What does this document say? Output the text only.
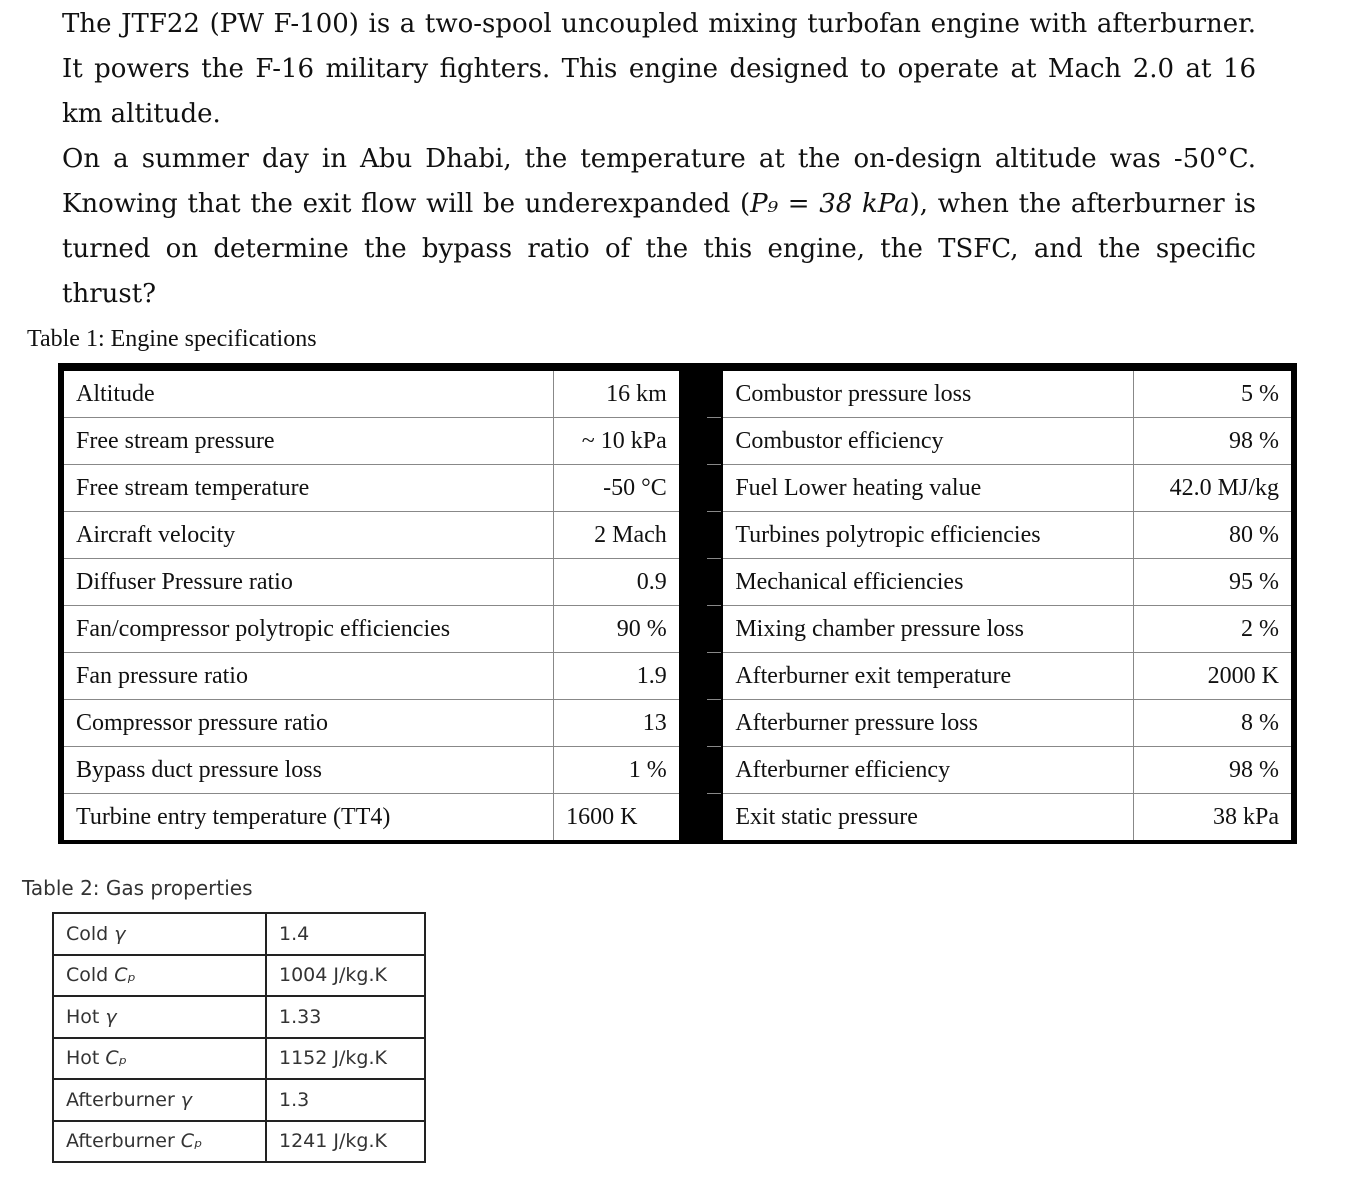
The JTF22 (PW F-100) is a two-spool uncoupled mixing turbofan engine with afterburner. It powers the F-16 military fighters. This engine designed to operate at Mach 2.0 at 16 km altitude.

On a summer day in Abu Dhabi, the temperature at the on-design altitude was -50°C. Knowing that the exit flow will be underexpanded (P₉ = 38 kPa), when the afterburner is turned on determine the bypass ratio of the this engine, the TSFC, and the specific thrust?

Table 1: Engine specifications
Altitude	16 km		Combustor pressure loss	5 %
Free stream pressure	~ 10 kPa		Combustor efficiency	98 %
Free stream temperature	-50 °C		Fuel Lower heating value	42.0 MJ/kg
Aircraft velocity	2 Mach		Turbines polytropic efficiencies	80 %
Diffuser Pressure ratio	0.9		Mechanical efficiencies	95 %
Fan/compressor polytropic efficiencies	90 %		Mixing chamber pressure loss	2 %
Fan pressure ratio	1.9		Afterburner exit temperature	2000 K
Compressor pressure ratio	13		Afterburner pressure loss	8 %
Bypass duct pressure loss	1 %		Afterburner efficiency	98 %
Turbine entry temperature (TT4)	1600 K		Exit static pressure	38 kPa
Table 2: Gas properties
Cold γ	1.4
Cold Cₚ	1004 J/kg.K
Hot γ	1.33
Hot Cₚ	1152 J/kg.K
Afterburner γ	1.3
Afterburner Cₚ	1241 J/kg.K
